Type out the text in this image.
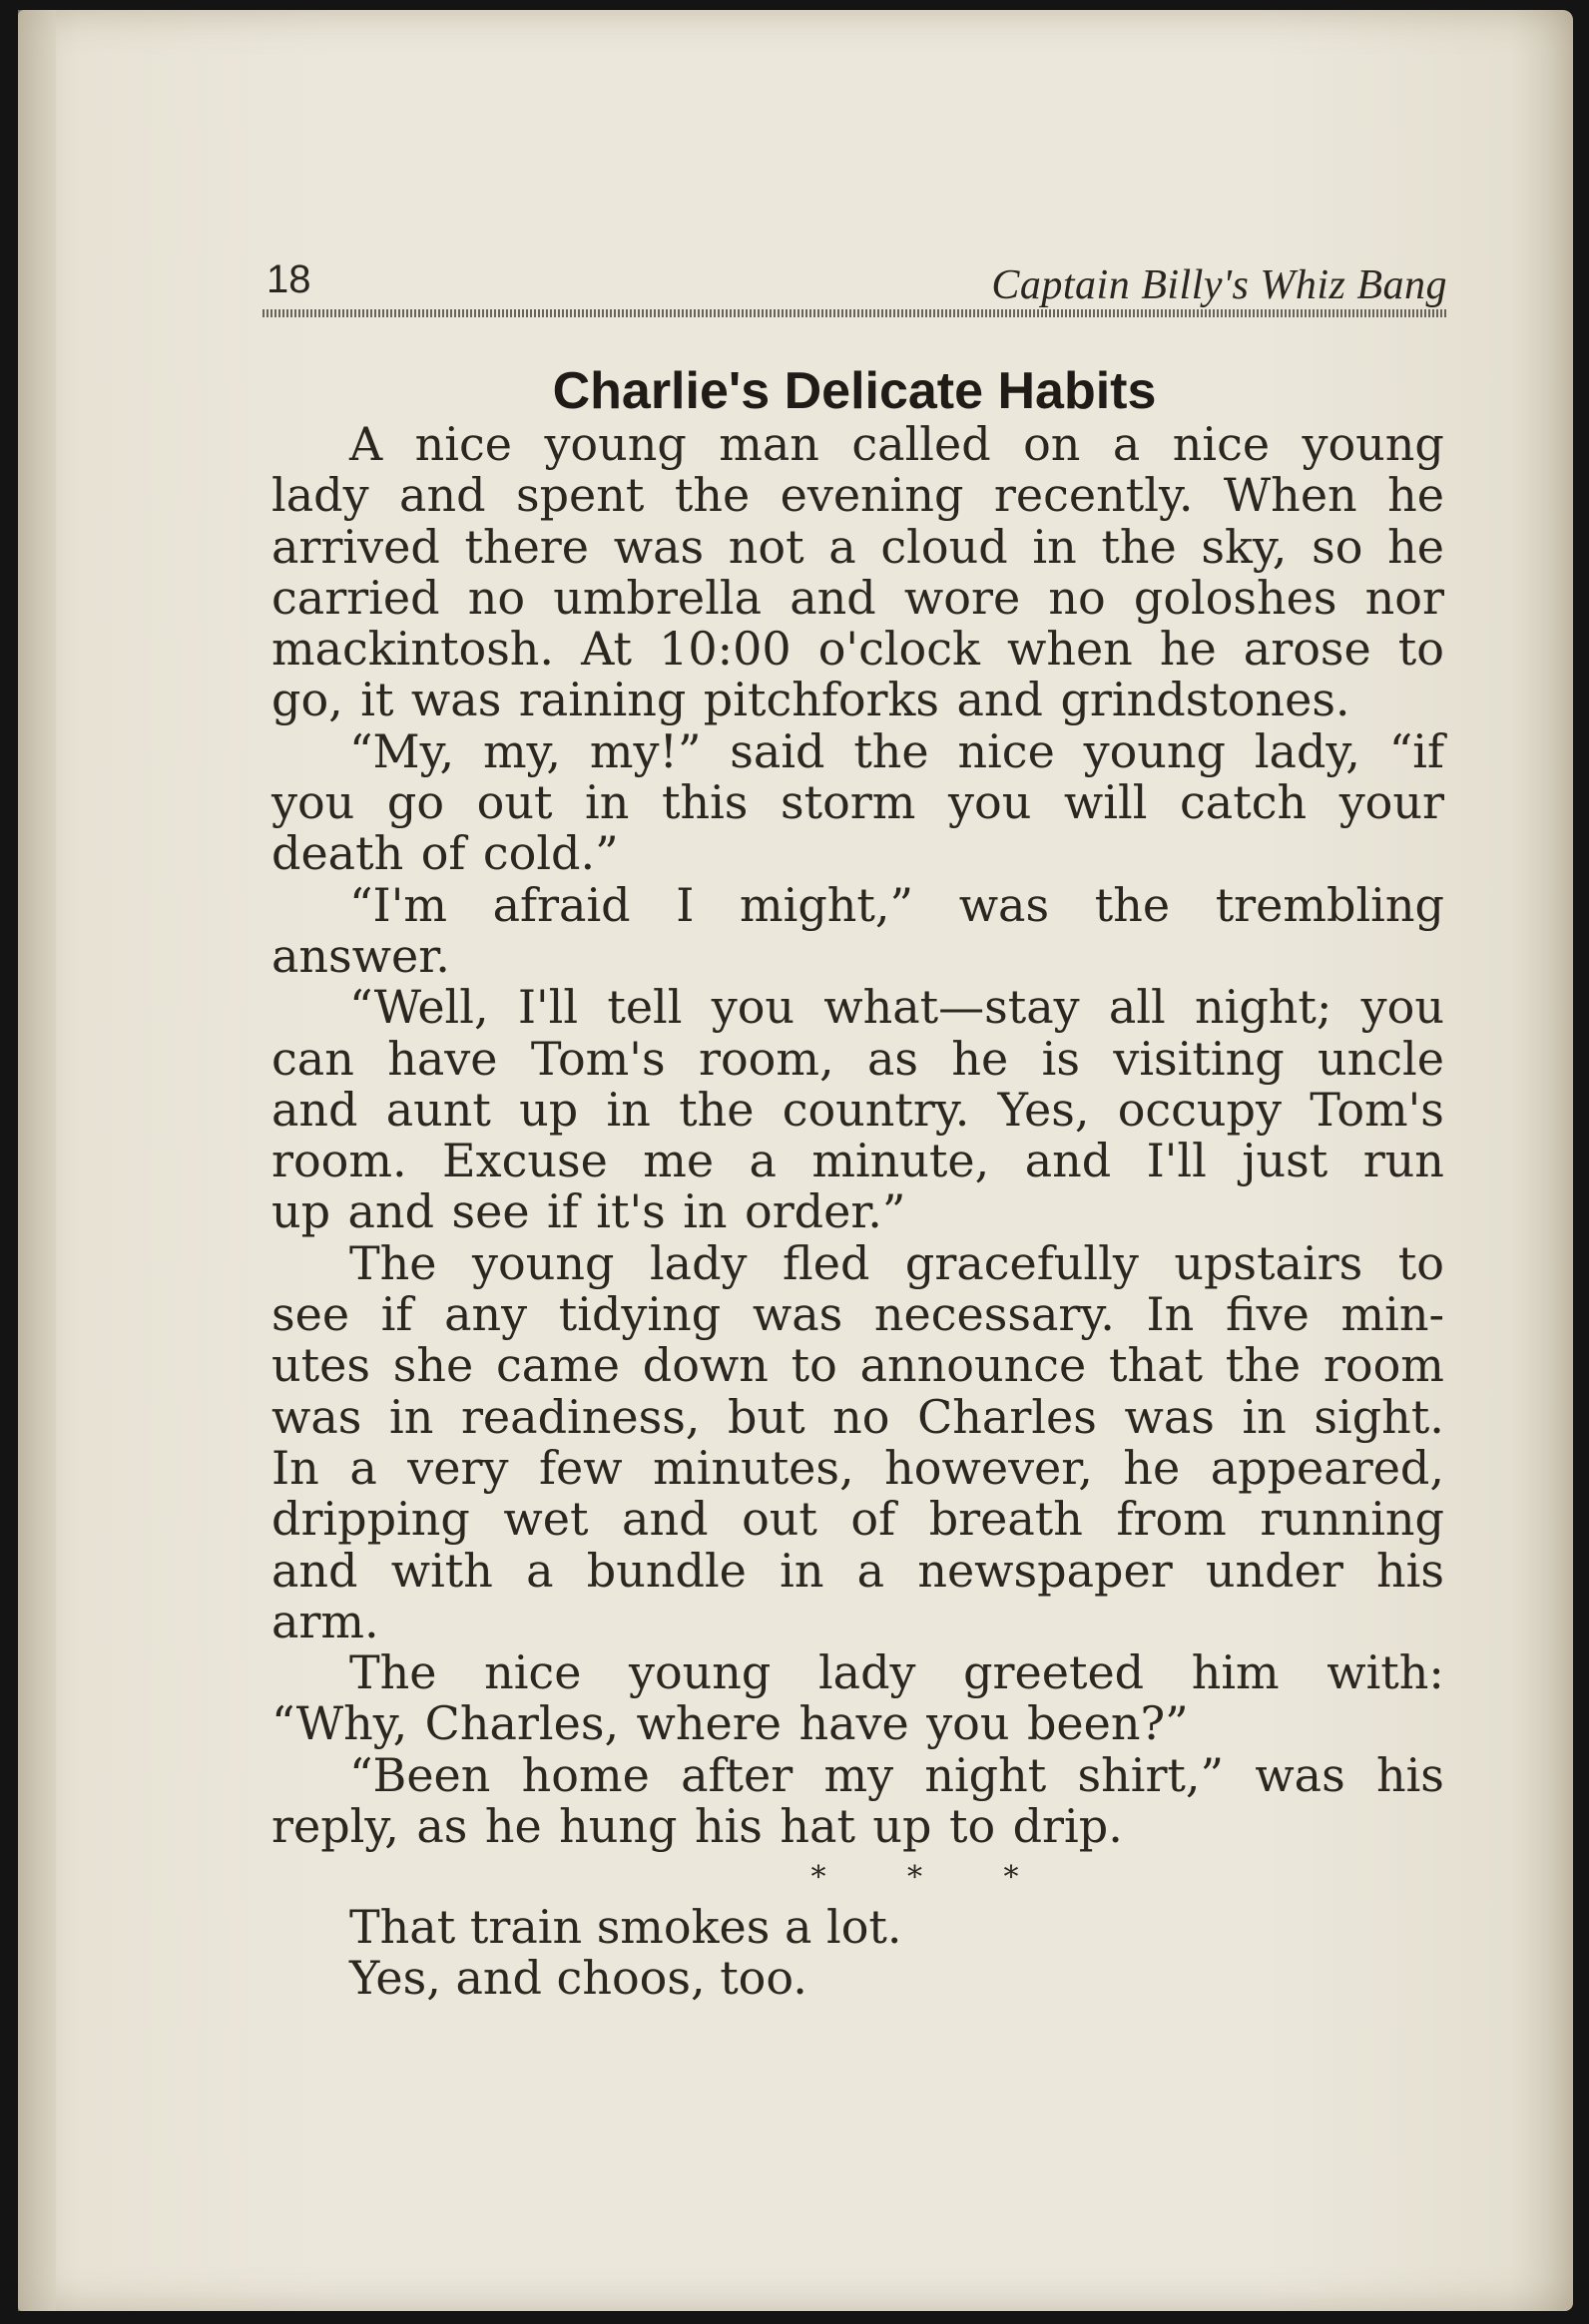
18	Captain Billy's Whiz Bang
Charlie's Delicate Habits
A nice young man called on a nice young
lady and spent the evening recently. When he
arrived there was not a cloud in the sky, so he
carried no umbrella and wore no goloshes nor
mackintosh. At 10:00 o'clock when he arose to
go, it was raining pitchforks and grindstones.
“My, my, my!” said the nice young lady, “if
you go out in this storm you will catch your
death of cold.”
“I'm afraid I might,” was the trembling
answer.
“Well, I'll tell you what—stay all night; you
can have Tom's room, as he is visiting uncle
and aunt up in the country. Yes, occupy Tom's
room. Excuse me a minute, and I'll just run
up and see if it's in order.”
The young lady fled gracefully upstairs to
see if any tidying was necessary. In five min-
utes she came down to announce that the room
was in readiness, but no Charles was in sight.
In a very few minutes, however, he appeared,
dripping wet and out of breath from running
and with a bundle in a newspaper under his
arm.
The nice young lady greeted him with:
“Why, Charles, where have you been?”
“Been home after my night shirt,” was his
reply, as he hung his hat up to drip.
* * *
That train smokes a lot.
Yes, and choos, too.
